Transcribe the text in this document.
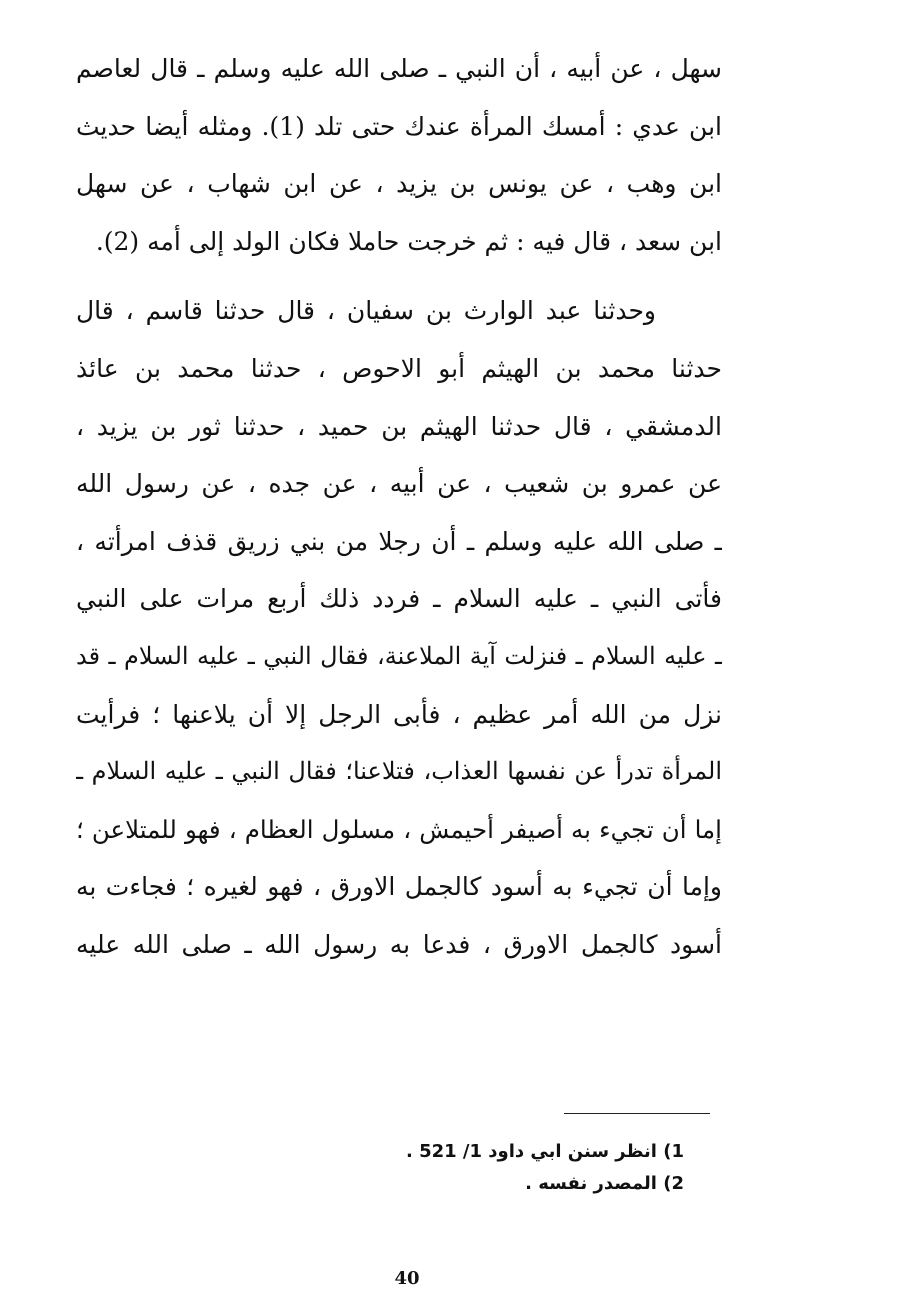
سهل ، عن أبيه ، أن النبي ـ صلى الله عليه وسلم ـ قال لعاصم
ابن عدي : أمسك المرأة عندك حتى تلد (1). ومثله أيضا حديث
ابن وهب ، عن يونس بن يزيد ، عن ابن شهاب ، عن سهل
ابن سعد ، قال فيه : ثم خرجت حاملا فكان الولد إلى أمه (2).
وحدثنا عبد الوارث بن سفيان ، قال حدثنا قاسم ، قال
حدثنا محمد بن الهيثم أبو الاحوص ، حدثنا محمد بن عائذ
الدمشقي ، قال حدثنا الهيثم بن حميد ، حدثنا ثور بن يزيد ،
عن عمرو بن شعيب ، عن أبيه ، عن جده ، عن رسول الله
ـ صلى الله عليه وسلم ـ أن رجلا من بني زريق قذف امرأته ،
فأتى النبي ـ عليه السلام ـ فردد ذلك أربع مرات على النبي
ـ عليه السلام ـ فنزلت آية الملاعنة، فقال النبي ـ عليه السلام ـ قد
نزل من الله أمر عظيم ، فأبى الرجل إلا أن يلاعنها ؛ فرأيت
المرأة تدرأ عن نفسها العذاب، فتلاعنا؛ فقال النبي ـ عليه السلام ـ
إما أن تجيء به أصيفر أحيمش ، مسلول العظام ، فهو للمتلاعن ؛
وإما أن تجيء به أسود كالجمل الاورق ، فهو لغيره ؛ فجاءت به
أسود كالجمل الاورق ، فدعا به رسول الله ـ صلى الله عليه
1) انظر سنن ابي داود 1/ 521 .
2) المصدر نفسه .
40
